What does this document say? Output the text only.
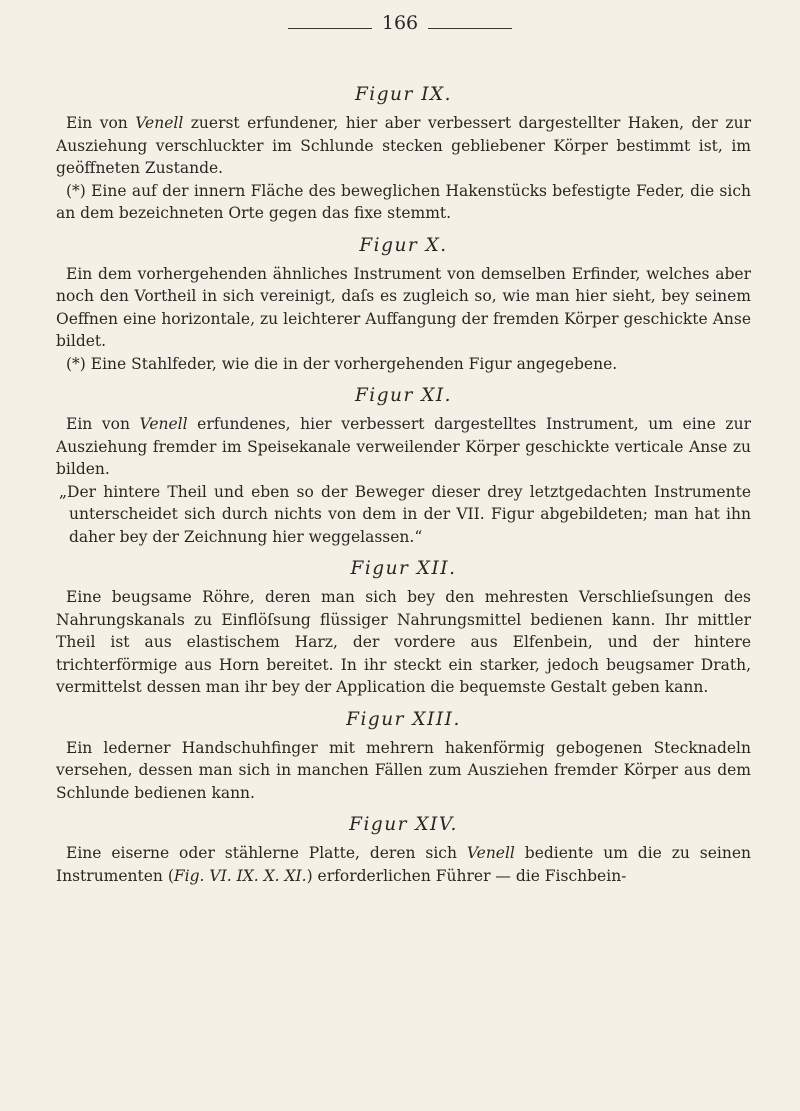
166

Figur IX.

Ein von Venell zuerst erfundener, hier aber verbessert dargestellter Haken, der zur Ausziehung verschluckter im Schlunde stecken gebliebener Körper bestimmt ist, im geöffneten Zustande.

(*) Eine auf der innern Fläche des beweglichen Hakenstücks befestigte Feder, die sich an dem bezeichneten Orte gegen das fixe stemmt.

Figur X.

Ein dem vorhergehenden ähnliches Instrument von demselben Erfinder, welches aber noch den Vortheil in sich vereinigt, daſs es zugleich so, wie man hier sieht, bey seinem Oeffnen eine horizontale, zu leichterer Auffangung der fremden Körper geschickte Anse bildet.

(*) Eine Stahlfeder, wie die in der vorhergehenden Figur angegebene.

Figur XI.

Ein von Venell erfundenes, hier verbessert dargestelltes Instrument, um eine zur Ausziehung fremder im Speisekanale verweilender Körper geschickte verticale Anse zu bilden.

„Der hintere Theil und eben so der Beweger dieser drey letztgedachten Instrumente unterscheidet sich durch nichts von dem in der VII. Figur abgebildeten; man hat ihn daher bey der Zeichnung hier weggelassen.“

Figur XII.

Eine beugsame Röhre, deren man sich bey den mehresten Verschlieſsungen des Nahrungskanals zu Einflöſsung flüssiger Nahrungsmittel bedienen kann. Ihr mittler Theil ist aus elastischem Harz, der vordere aus Elfenbein, und der hintere trichterförmige aus Horn bereitet. In ihr steckt ein starker, jedoch beugsamer Drath, vermittelst dessen man ihr bey der Application die bequemste Gestalt geben kann.

Figur XIII.

Ein lederner Handschuhfinger mit mehrern hakenförmig gebogenen Stecknadeln versehen, dessen man sich in manchen Fällen zum Ausziehen fremder Körper aus dem Schlunde bedienen kann.

Figur XIV.

Eine eiserne oder stählerne Platte, deren sich Venell bediente um die zu seinen Instrumenten (Fig. VI. IX. X. XI.) erforderlichen Führer — die Fischbein-
